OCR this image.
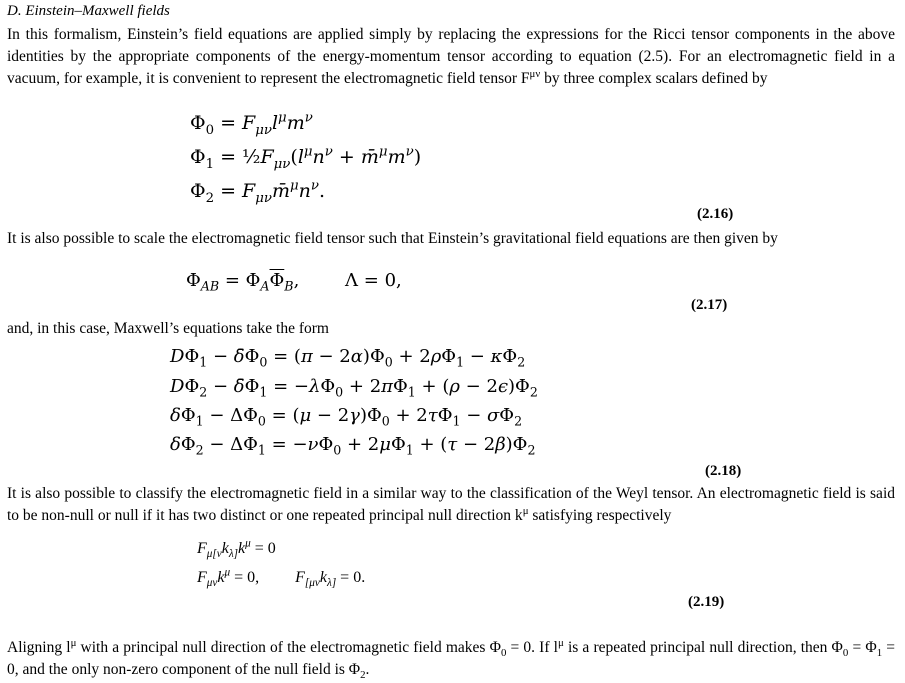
D. Einstein–Maxwell fields
In this formalism, Einstein’s field equations are applied simply by replacing the expressions for the Ricci tensor components in the above identities by the appropriate components of the energy-momentum tensor according to equation (2.5). For an electromagnetic field in a vacuum, for example, it is convenient to represent the electromagnetic field tensor $F^{\mu\nu}$ by three complex scalars defined by
$\Phi_0 = F_{\mu\nu}l^\mu m^\nu$
$\Phi_1$ = $\frac{1}{2}F_{\mu\nu}(l^\mu n^\nu$ + $m̄^\mu m^\nu$)
$\Phi_2$ = $F_{\mu\nu}m̄^\mu n^\nu$.
(2.16)
It is also possible to scale the electromagnetic field tensor such that Einstein’s gravitational field equations are then given by
$\Phi_{AB} = \Phi_A\overline{\Phi}_B$,        Λ = 0,
(2.17)
and, in this case, Maxwell’s equations take the form
$D\Phi_1$ − $\deltā\Phi_0 = (\pi - 2\alpha)\Phi_0 + 2\rho\Phi_1 - \kappa\Phi_2$
$D\Phi_2$ − $\deltā\Phi_1 = -\lambda\Phi_0 + 2\pi\Phi_1 + (\rho - 2\epsilon)\Phi_2$
$\delta\Phi_1 - \Delta\Phi_0 = (\mu - 2\gamma)\Phi_0 + 2\tau\Phi_1 - \sigma\Phi_2$
$\delta\Phi_2 - \Delta\Phi_1 = -\nu\Phi_0 + 2\mu\Phi_1 + (\tau - 2\beta)\Phi_2$
(2.18)
It is also possible to classify the electromagnetic field in a similar way to the classification of the Weyl tensor. An electromagnetic field is said to be non-null or null if it has two distinct or one repeated principal null direction $k^\mu$ satisfying respectively
$F_{\mu[\nu}k_{\lambda]}k^\mu = 0$
$F_{\mu\nu}k^\mu = 0$,         $F_{[\mu\nu}k_{\lambda]} = 0$.
(2.19)
Aligning $l^\mu$ with a principal null direction of the electromagnetic field makes $\Phi_0 = 0$. If $l^\mu$ is a repeated principal null direction, then $\Phi_0 = \Phi_1 = 0$, and the only non-zero component of the null field is $\Phi_2$.
